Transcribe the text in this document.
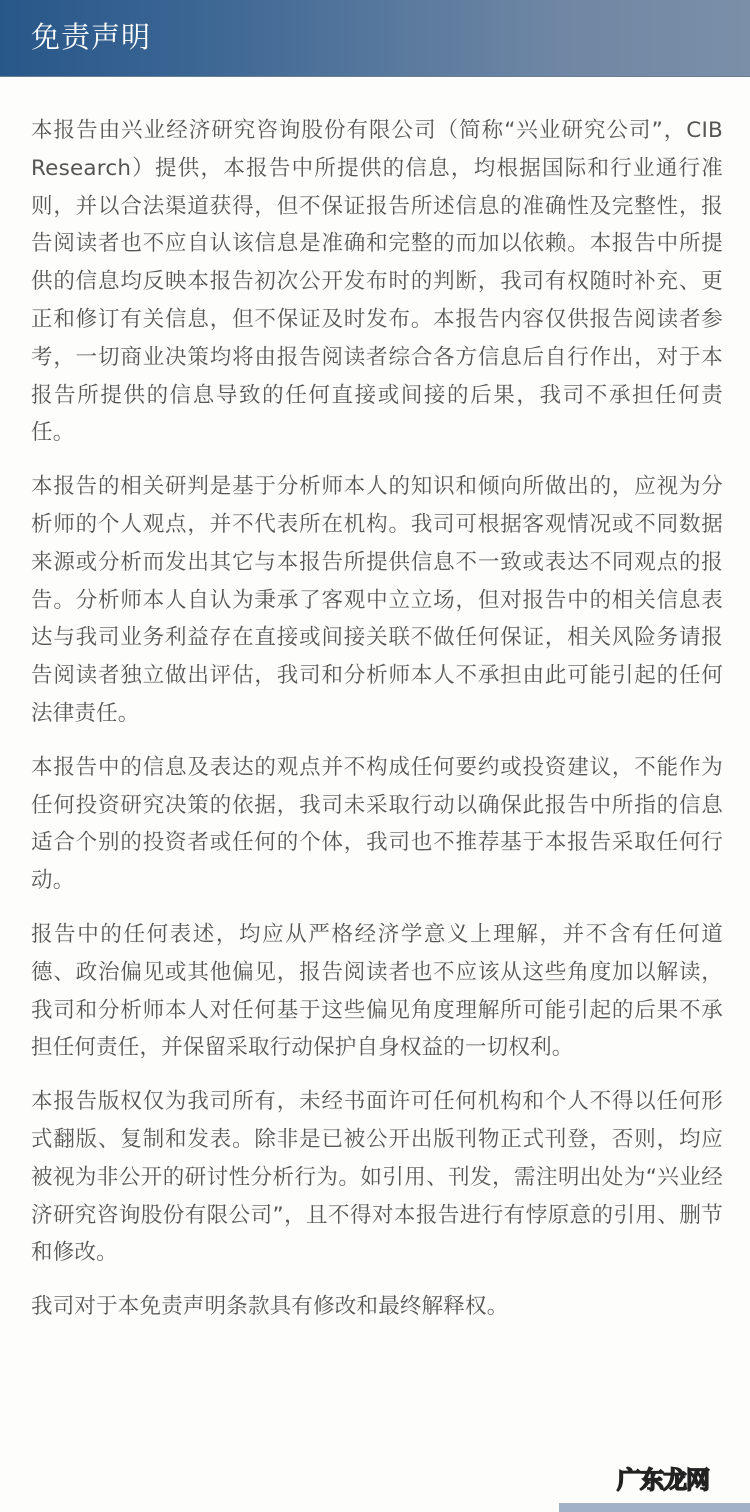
免责声明

本报告由兴业经济研究咨询股份有限公司（简称“兴业研究公司”，CIB Research）提供，本报告中所提供的信息，均根据国际和行业通行准则，并以合法渠道获得，但不保证报告所述信息的准确性及完整性，报告阅读者也不应自认该信息是准确和完整的而加以依赖。本报告中所提供的信息均反映本报告初次公开发布时的判断，我司有权随时补充、更正和修订有关信息，但不保证及时发布。本报告内容仅供报告阅读者参考，一切商业决策均将由报告阅读者综合各方信息后自行作出，对于本报告所提供的信息导致的任何直接或间接的后果，我司不承担任何责任。

本报告的相关研判是基于分析师本人的知识和倾向所做出的，应视为分析师的个人观点，并不代表所在机构。我司可根据客观情况或不同数据来源或分析而发出其它与本报告所提供信息不一致或表达不同观点的报告。分析师本人自认为秉承了客观中立立场，但对报告中的相关信息表达与我司业务利益存在直接或间接关联不做任何保证，相关风险务请报告阅读者独立做出评估，我司和分析师本人不承担由此可能引起的任何法律责任。

本报告中的信息及表达的观点并不构成任何要约或投资建议，不能作为任何投资研究决策的依据，我司未采取行动以确保此报告中所指的信息适合个别的投资者或任何的个体，我司也不推荐基于本报告采取任何行动。

报告中的任何表述，均应从严格经济学意义上理解，并不含有任何道德、政治偏见或其他偏见，报告阅读者也不应该从这些角度加以解读，我司和分析师本人对任何基于这些偏见角度理解所可能引起的后果不承担任何责任，并保留采取行动保护自身权益的一切权利。

本报告版权仅为我司所有，未经书面许可任何机构和个人不得以任何形式翻版、复制和发表。除非是已被公开出版刊物正式刊登，否则，均应被视为非公开的研讨性分析行为。如引用、刊发，需注明出处为“兴业经济研究咨询股份有限公司”，且不得对本报告进行有悖原意的引用、删节和修改。

我司对于本免责声明条款具有修改和最终解释权。

广东龙网
